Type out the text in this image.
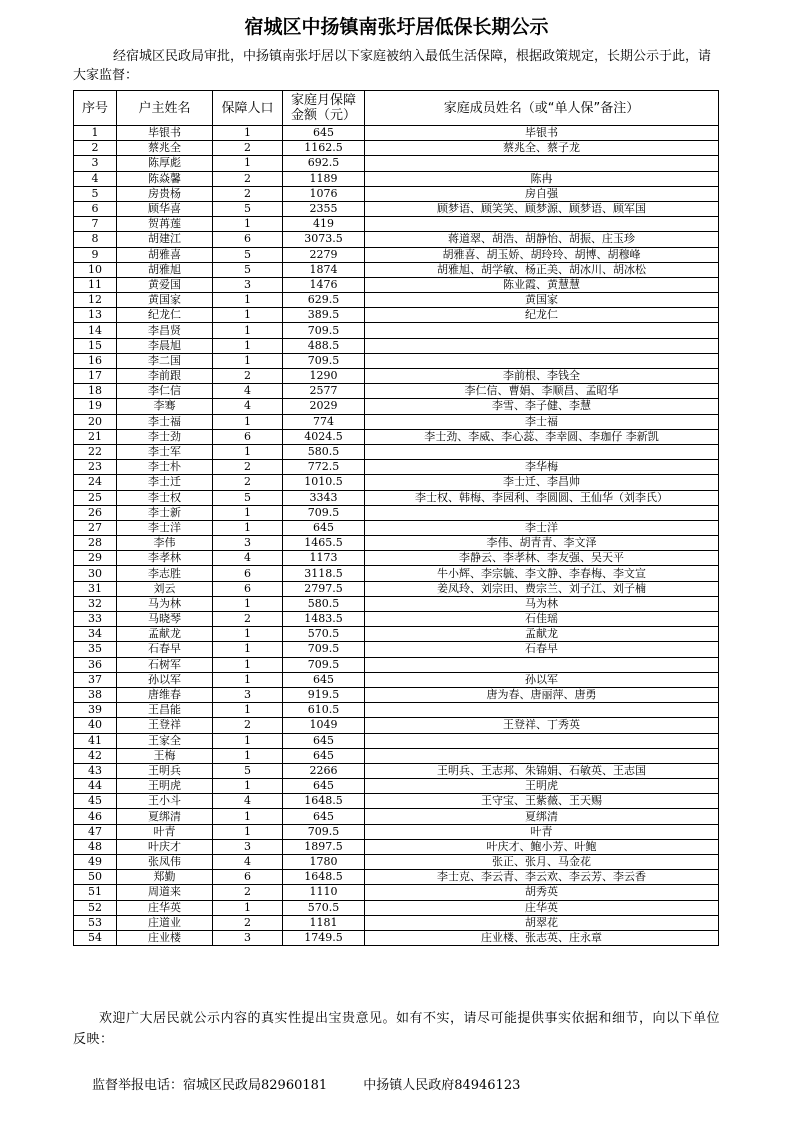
宿城区中扬镇南张圩居低保长期公示
经宿城区民政局审批，中扬镇南张圩居以下家庭被纳入最低生活保障，根据政策规定，长期公示于此，请大家监督：
序号	户主姓名	保障人口	家庭月保障
金额（元）	家庭成员姓名（或“单人保”备注）
1	毕银书	1	645	毕银书
2	蔡兆全	2	1162.5	蔡兆全、蔡子龙
3	陈厚彪	1	692.5	
4	陈焱馨	2	1189	陈冉
5	房贵杨	2	1076	房自强
6	顾华喜	5	2355	顾梦语、顾笑笑、顾梦源、顾梦语、顾军国
7	贺苒莲	1	419	
8	胡建江	6	3073.5	蒋道翠、胡浩、胡静怡、胡振、庄玉珍
9	胡雅喜	5	2279	胡雅喜、胡玉娇、胡玲玲、胡博、胡穆峰
10	胡雅旭	5	1874	胡雅旭、胡学敏、杨正美、胡冰川、胡冰松
11	黄爱国	3	1476	陈业霞、黄慧慧
12	黄国家	1	629.5	黄国家
13	纪龙仁	1	389.5	纪龙仁
14	李昌贤	1	709.5	
15	李晨旭	1	488.5	
16	李二国	1	709.5	
17	李前跟	2	1290	李前根、李钱全
18	李仁信	4	2577	李仁信、曹娟、李顺昌、孟昭华
19	李骞	4	2029	李雪、李子健、李慧
20	李士福	1	774	李士福
21	李士劲	6	4024.5	李士劲、李威、李心蕊、李幸圆、李珈仔 李新凯
22	李士军	1	580.5	
23	李士朴	2	772.5	李华梅
24	李士迁	2	1010.5	李士迁、李昌帅
25	李士权	5	3343	李士权、韩梅、李园利、李圆圆、王仙华（刘李氏）
26	李士新	1	709.5	
27	李士洋	1	645	李士洋
28	李伟	3	1465.5	李伟、胡青青、李文泽
29	李孝林	4	1173	李静云、李孝林、李友强、吴天平
30	李志胜	6	3118.5	牛小辉、李宗毓、李文静、李春梅、李文宣
31	刘云	6	2797.5	姜凤玲、刘宗田、费宗兰、刘子江、刘子楠
32	马为林	1	580.5	马为林
33	马晓琴	2	1483.5	石佳瑶
34	孟献龙	1	570.5	孟献龙
35	石春早	1	709.5	石春早
36	石树军	1	709.5	
37	孙以军	1	645	孙以军
38	唐维春	3	919.5	唐为春、唐丽萍、唐勇
39	王昌能	1	610.5	
40	王登祥	2	1049	王登祥、丁秀英
41	王家全	1	645	
42	王梅	1	645	
43	王明兵	5	2266	王明兵、王志邦、朱锦娟、石敏英、王志国
44	王明虎	1	645	王明虎
45	王小斗	4	1648.5	王守宝、王紫薇、王天赐
46	夏绑清	1	645	夏绑清
47	叶青	1	709.5	叶青
48	叶庆才	3	1897.5	叶庆才、鲍小芳、叶鲍
49	张凤伟	4	1780	张正、张月、马金花
50	郑勤	6	1648.5	李士克、李云青、李云欢、李云芳、李云香
51	周道来	2	1110	胡秀英
52	庄华英	1	570.5	庄华英
53	庄道业	2	1181	胡翠花
54	庄业楼	3	1749.5	庄业楼、张志英、庄永章
欢迎广大居民就公示内容的真实性提出宝贵意见。如有不实，请尽可能提供事实依据和细节，向以下单位反映：
监督举报电话：宿城区民政局82960181	中扬镇人民政府84946123
